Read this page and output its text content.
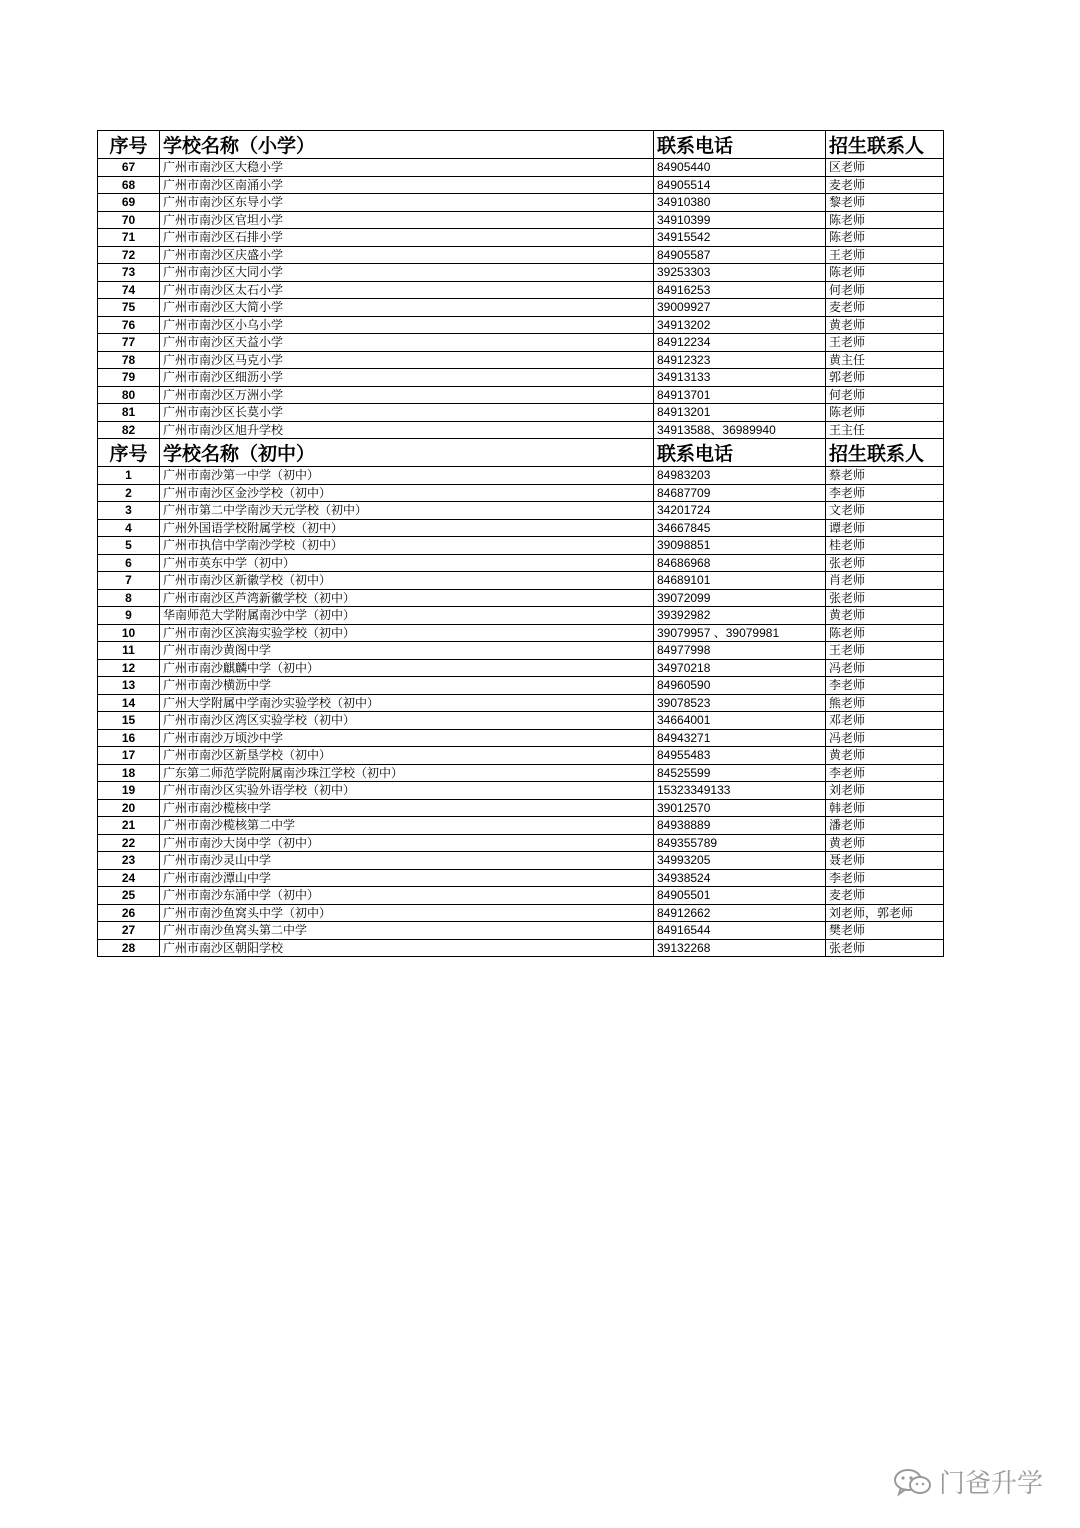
序号	学校名称（小学）	联系电话	招生联系人
67	广州市南沙区大稳小学	84905440	区老师
68	广州市南沙区南涌小学	84905514	麦老师
69	广州市南沙区东导小学	34910380	黎老师
70	广州市南沙区官坦小学	34910399	陈老师
71	广州市南沙区石排小学	34915542	陈老师
72	广州市南沙区庆盛小学	84905587	王老师
73	广州市南沙区大同小学	39253303	陈老师
74	广州市南沙区太石小学	84916253	何老师
75	广州市南沙区大简小学	39009927	麦老师
76	广州市南沙区小乌小学	34913202	黄老师
77	广州市南沙区天益小学	84912234	王老师
78	广州市南沙区马克小学	84912323	黄主任
79	广州市南沙区细沥小学	34913133	郭老师
80	广州市南沙区万洲小学	84913701	何老师
81	广州市南沙区长莫小学	84913201	陈老师
82	广州市南沙区旭升学校	34913588、36989940	王主任
序号	学校名称（初中）	联系电话	招生联系人
1	广州市南沙第一中学（初中）	84983203	蔡老师
2	广州市南沙区金沙学校（初中）	84687709	李老师
3	广州市第二中学南沙天元学校（初中）	34201724	文老师
4	广州外国语学校附属学校（初中）	34667845	谭老师
5	广州市执信中学南沙学校（初中）	39098851	桂老师
6	广州市英东中学（初中）	84686968	张老师
7	广州市南沙区新徽学校（初中）	84689101	肖老师
8	广州市南沙区芦湾新徽学校（初中）	39072099	张老师
9	华南师范大学附属南沙中学（初中）	39392982	黄老师
10	广州市南沙区滨海实验学校（初中）	39079957 、39079981	陈老师
11	广州市南沙黄阁中学	84977998	王老师
12	广州市南沙麒麟中学（初中）	34970218	冯老师
13	广州市南沙横沥中学	84960590	李老师
14	广州大学附属中学南沙实验学校（初中）	39078523	熊老师
15	广州市南沙区湾区实验学校（初中）	34664001	邓老师
16	广州市南沙万顷沙中学	84943271	冯老师
17	广州市南沙区新垦学校（初中）	84955483	黄老师
18	广东第二师范学院附属南沙珠江学校（初中）	84525599	李老师
19	广州市南沙区实验外语学校（初中）	15323349133	刘老师
20	广州市南沙榄核中学	39012570	韩老师
21	广州市南沙榄核第二中学	84938889	潘老师
22	广州市南沙大岗中学（初中）	849355789	黄老师
23	广州市南沙灵山中学	34993205	聂老师
24	广州市南沙潭山中学	34938524	李老师
25	广州市南沙东涌中学（初中）	84905501	麦老师
26	广州市南沙鱼窝头中学（初中）	84912662	刘老师，郭老师
27	广州市南沙鱼窝头第二中学	84916544	樊老师
28	广州市南沙区朝阳学校	39132268	张老师
门爸升学
